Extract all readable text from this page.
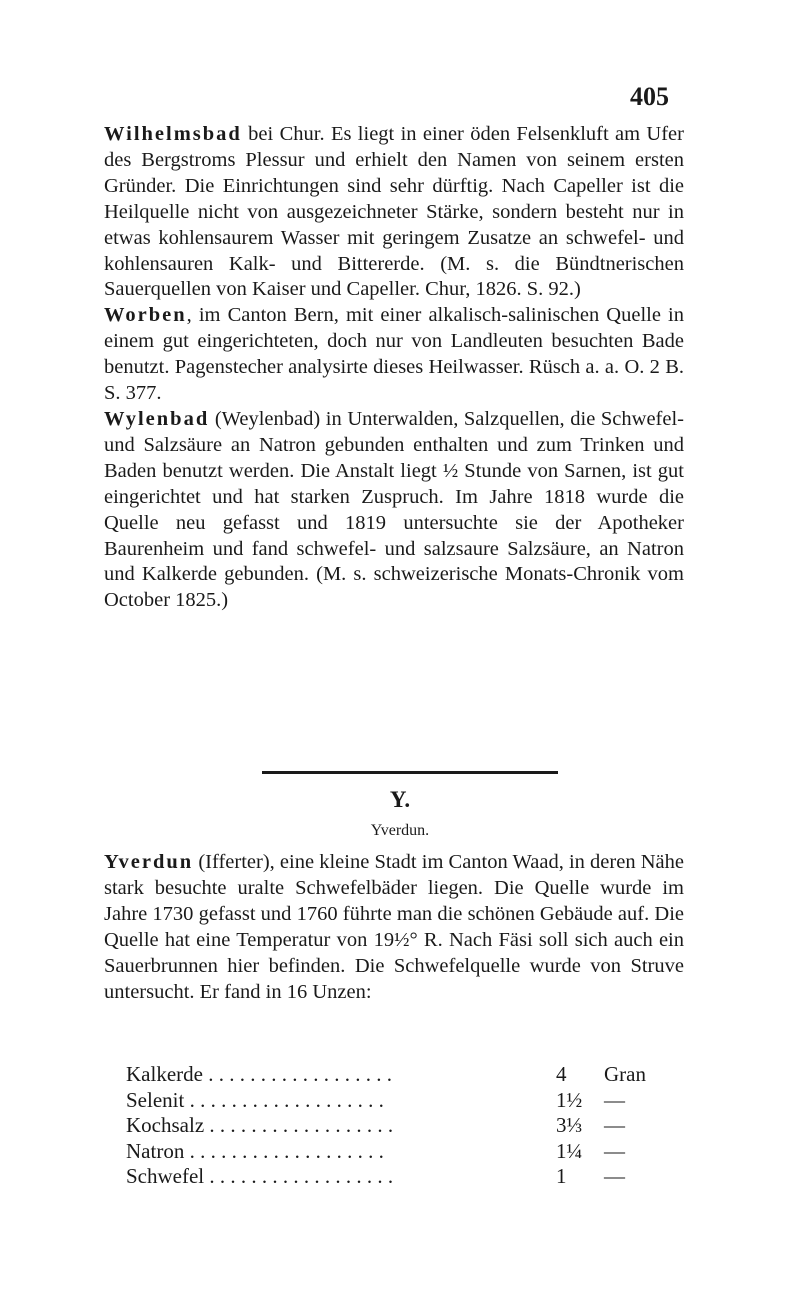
405

Wilhelmsbad bei Chur. Es liegt in einer öden Felsenkluft am Ufer des Bergstroms Plessur und erhielt den Namen von seinem ersten Gründer. Die Einrichtungen sind sehr dürftig. Nach Capeller ist die Heilquelle nicht von ausgezeichneter Stärke, sondern besteht nur in etwas kohlensaurem Wasser mit geringem Zusatze an schwefel- und kohlensauren Kalk- und Bittererde. (M. s. die Bündtnerischen Sauerquellen von Kaiser und Capeller. Chur, 1826. S. 92.)

Worben, im Canton Bern, mit einer alkalisch-salinischen Quelle in einem gut eingerichteten, doch nur von Landleuten besuchten Bade benutzt. Pagenstecher analysirte dieses Heilwasser. Rüsch a. a. O. 2 B. S. 377.

Wylenbad (Weylenbad) in Unterwalden, Salzquellen, die Schwefel- und Salzsäure an Natron gebunden enthalten und zum Trinken und Baden benutzt werden. Die Anstalt liegt ½ Stunde von Sarnen, ist gut eingerichtet und hat starken Zuspruch. Im Jahre 1818 wurde die Quelle neu gefasst und 1819 untersuchte sie der Apotheker Baurenheim und fand schwefel- und salzsaure Salzsäure, an Natron und Kalkerde gebunden. (M. s. schweizerische Monats-Chronik vom October 1825.)

Y.
Yverdun.

Yverdun (Ifferter), eine kleine Stadt im Canton Waad, in deren Nähe stark besuchte uralte Schwefelbäder liegen. Die Quelle wurde im Jahre 1730 gefasst und 1760 führte man die schönen Gebäude auf. Die Quelle hat eine Temperatur von 19½° R. Nach Fäsi soll sich auch ein Sauerbrunnen hier befinden. Die Schwefelquelle wurde von Struve untersucht. Er fand in 16 Unzen:

Kalkerde . . . . . . . . . . . . . . . . . .	4	Gran
Selenit . . . . . . . . . . . . . . . . . . .	1½	—
Kochsalz . . . . . . . . . . . . . . . . . .	3⅓	—
Natron . . . . . . . . . . . . . . . . . . .	1¼	—
Schwefel . . . . . . . . . . . . . . . . . .	1	—
